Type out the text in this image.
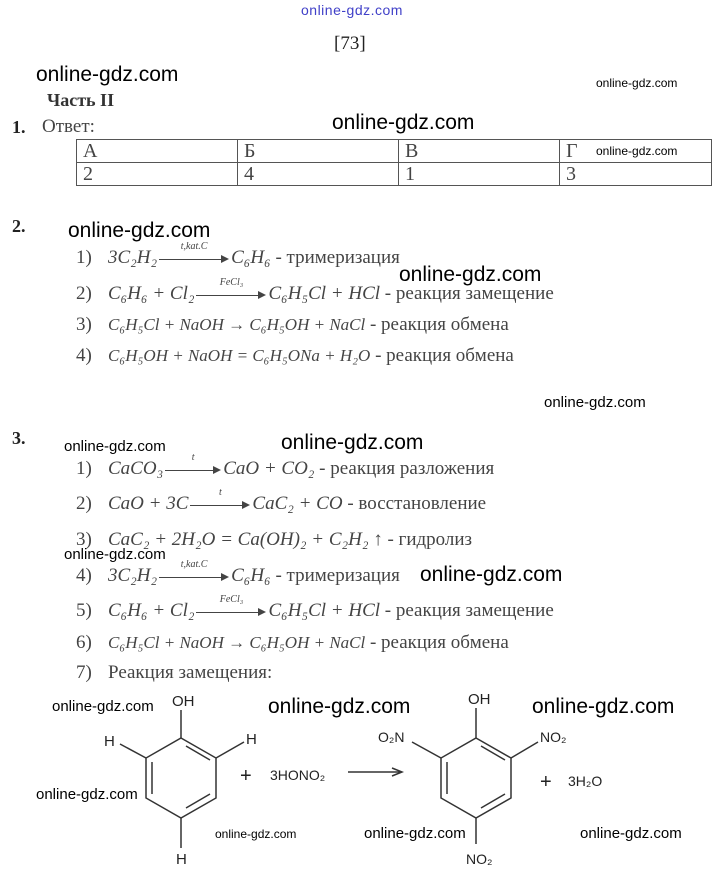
online-gdz.com
online-gdz.com	online-gdz.com
online-gdz.com
online-gdz.com
online-gdz.com
online-gdz.com
online-gdz.com
online-gdz.com	online-gdz.com
online-gdz.com
online-gdz.com
online-gdz.com	online-gdz.com	online-gdz.com
online-gdz.com
online-gdz.com	online-gdz.com	online-gdz.com
[73]
Часть II
1. Ответ:
А	Б	В	Г
2	4	1	3
2.
1) 3C₂H₂
t,kat.C
C₆H₆ - тримеризация
2) C₆H₆ + Cl₂
FeCl₃
C₆H₅Cl + HCl - реакция замещение
3) C₆H₅Cl + NaOH → C₆H₅OH + NaCl - реакция обмена
4) C₆H₅OH + NaOH = C₆H₅ONa + H₂O - реакция обмена
3.
1) CaCO₃
t
CaO + CO₂ - реакция разложения
2) CaO + 3C
t
CaC₂ + CO - восстановление
3) CaC₂ + 2H₂O = Ca(OH)₂ + C₂H₂ ↑ - гидролиз
4) 3C₂H₂
t,kat.C
C₆H₆ - тримеризация
5) C₆H₆ + Cl₂
FeCl₃
C₆H₅Cl + HCl - реакция замещение
6) C₆H₅Cl + NaOH → C₆H₅OH + NaCl - реакция обмена
7) Реакция замещения:
OH
H
H
H
+ 3HONO₂
OH
NO₂
O₂N
NO₂
+ 3H₂O
